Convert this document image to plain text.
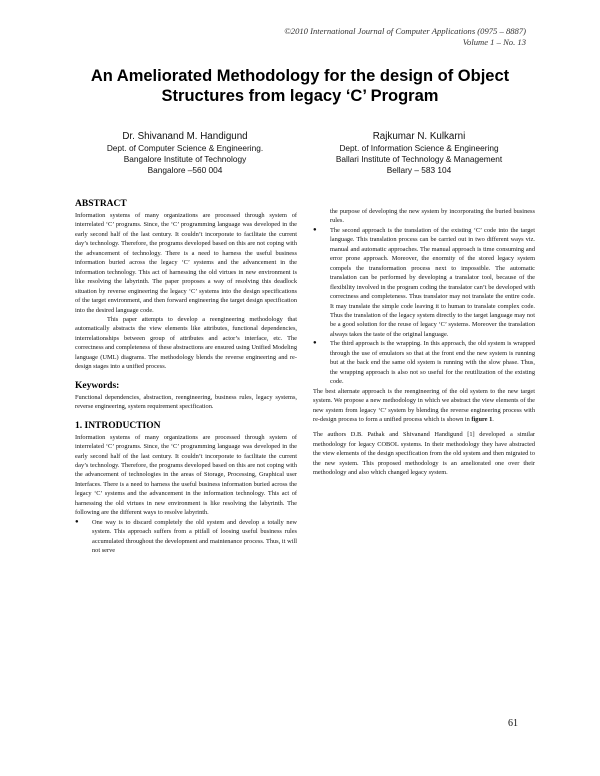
©2010 International Journal of Computer Applications (0975 – 8887)
Volume 1 – No. 13
An Ameliorated Methodology for the design of Object
Structures from legacy ‘C’ Program
Dr. Shivanand M. Handigund
Dept. of Computer Science & Engineering.
Bangalore Institute of Technology
Bangalore –560 004
Rajkumar N. Kulkarni
Dept. of Information Science & Engineering
Ballari Institute of Technology & Management
Bellary – 583 104
ABSTRACT

Information systems of many organizations are processed through system of interrelated ‘C’ programs. Since, the ‘C’ programming language was developed in the early second half of the last century. It couldn’t incorporate to facilitate the current day’s technology. Therefore, the programs developed based on this are not coping with the advancement of technology. There is a need to harness the useful business information buried across the legacy ‘C’ systems and the advancement in the information technology. This act of harnessing the old virtues in new environment is like resolving the labyrinth. The paper proposes a way of resolving this deadlock situation by reverse engineering the legacy ‘C’ systems into the design specifications of the target environment, and then forward engineering the target design specification into the desired language code.

This paper attempts to develop a reengineering methodology that automatically abstracts the view elements like attributes, functional dependencies, interrelationships between group of attributes and actor’s interface, etc. The correctness and completeness of these abstractions are ensured using Unified Modeling language (UML) diagrams. The methodology blends the reverse engineering and re-design stages into a unified process.

Keywords:

Functional dependencies, abstraction, reengineering, business rules, legacy systems, reverse engineering, system requirement specification.

1. INTRODUCTION

Information systems of many organizations are processed through system of interrelated ‘C’ programs. Since, the ‘C’ programming language was developed in the early second half of the last century. It couldn’t incorporate to facilitate the current day’s technology. Therefore, the programs developed based on this are not coping with the advancement of technologies in the areas of Storage, Processing, Graphical user Interfaces. There is a need to harness the useful business information buried across the legacy ‘C’ systems and the advancement in the information technology. This act of harnessing the old virtues in new environment is like resolving the labyrinth. The following are the different ways to resolve labyrinth.

● One way is to discard completely the old system and develop a totally new system. This approach suffers from a pitfall of loosing useful business rules accumulated throughout the development and maintenance process. Thus, it will not serve

the purpose of developing the new system by incorporating the buried business rules.

● The second approach is the translation of the existing ‘C’ code into the target language. This translation process can be carried out in two different ways viz. manual and automatic approaches. The manual approach is time consuming and error prone approach. Moreover, the enormity of the stored legacy system compels the transformation process next to impossible. The automatic translation can be performed by developing a translator tool, because of the flexibility involved in the program coding the translator can’t be developed with correctness and completeness. Thus translator may not translate the entire code. It may translate the simple code leaving it to human to translate complex code. Thus the translation of the legacy system directly to the target language may not be a good solution for the reuse of legacy ‘C’ systems. Moreover the translation always takes the taste of the original language.
● The third approach is the wrapping. In this approach, the old system is wrapped through the use of emulators so that at the front end the new system is running but at the back end the same old system is running with the slow phase. Thus, the wrapping approach is also not so useful for the reutilization of the existing code.

The best alternate approach is the reengineering of the old system to the new target system. We propose a new methodology in which we abstract the view elements of the new system from legacy ‘C’ system by blending the reverse engineering process with re-design process to form a unified process which is shown in figure 1.

The authors D.B. Pathak and Shivanand Handigund [1] developed a similar methodology for legacy COBOL systems. In their methodology they have abstracted the view elements of the design specification from the old system and then migrated to the new system. This proposed methodology is an ameliorated one over their methodology and also which changed legacy system.

61
